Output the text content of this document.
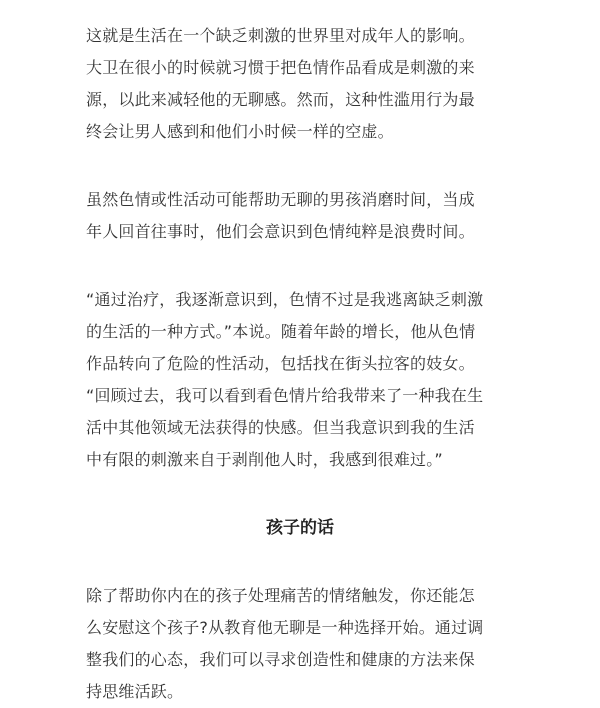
这就是生活在一个缺乏刺激的世界里对成年人的影响。
大卫在很小的时候就习惯于把色情作品看成是刺激的来
源，以此来减轻他的无聊感。然而，这种性滥用行为最
终会让男人感到和他们小时候一样的空虚。

虽然色情或性活动可能帮助无聊的男孩消磨时间，当成
年人回首往事时，他们会意识到色情纯粹是浪费时间。

“通过治疗，我逐渐意识到，色情不过是我逃离缺乏刺激
的生活的一种方式。”本说。随着年龄的增长，他从色情
作品转向了危险的性活动，包括找在街头拉客的妓女。
“回顾过去，我可以看到看色情片给我带来了一种我在生
活中其他领域无法获得的快感。但当我意识到我的生活
中有限的刺激来自于剥削他人时，我感到很难过。”

孩子的话

除了帮助你内在的孩子处理痛苦的情绪触发，你还能怎
么安慰这个孩子?从教育他无聊是一种选择开始。通过调
整我们的心态，我们可以寻求创造性和健康的方法来保
持思维活跃。
